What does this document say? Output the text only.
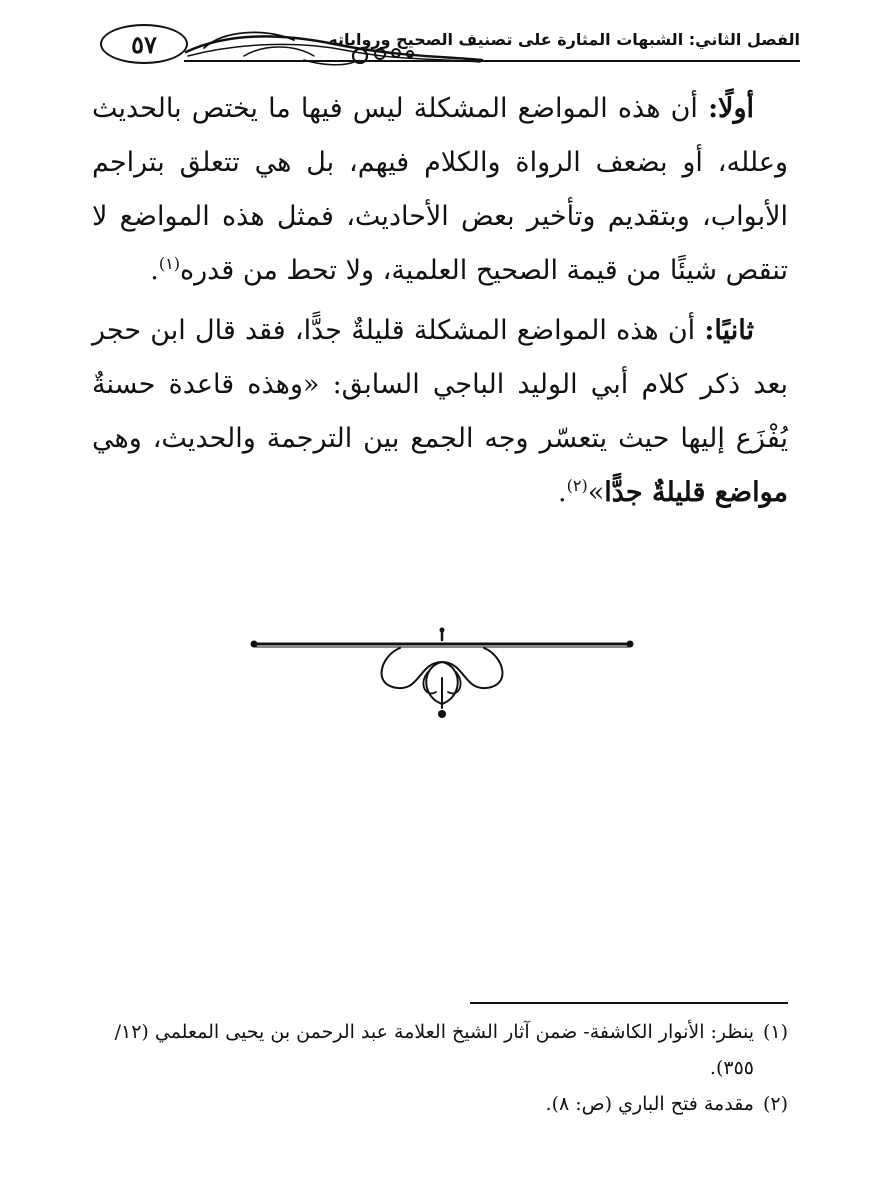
٥٧	الفصل الثاني: الشبهات المثارة على تصنيف الصحيح ورواياته

أولًا: أن هذه المواضع المشكلة ليس فيها ما يختص بالحديث وعلله، أو بضعف الرواة والكلام فيهم، بل هي تتعلق بتراجم الأبواب، وبتقديم وتأخير بعض الأحاديث، فمثل هذه المواضع لا تنقص شيئًا من قيمة الصحيح العلمية، ولا تحط من قدره$^{(١)}$.

ثانيًا: أن هذه المواضع المشكلة قليلةٌ جدًّا، فقد قال ابن حجر بعد ذكر كلام أبي الوليد الباجي السابق: «وهذه قاعدة حسنةٌ يُفْزَع إليها حيث يتعسّر وجه الجمع بين الترجمة والحديث، وهي مواضع قليلةٌ جدًّا»$^{(٢)}$.

(١)ينظر: الأنوار الكاشفة- ضمن آثار الشيخ العلامة عبد الرحمن بن يحيى المعلمي (١٢/ ٣٥٥).

(٢)مقدمة فتح الباري (ص: ٨).
